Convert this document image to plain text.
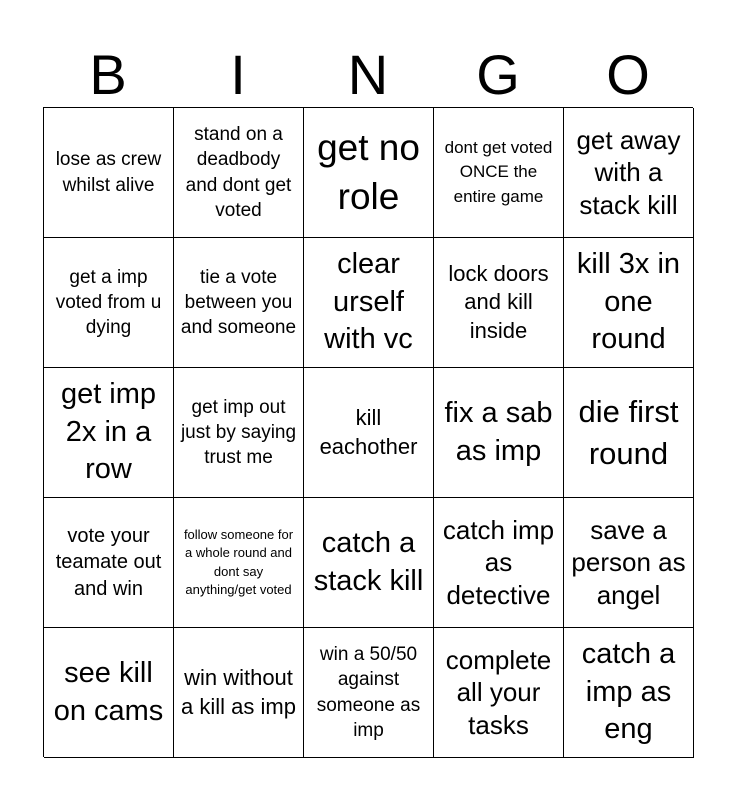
B	I	N	G	O
lose as crew whilst alive
stand on a deadbody and dont get voted
get no role
dont get voted ONCE the entire game
get away with a stack kill
get a imp voted from u dying
tie a vote between you and someone
clear urself with vc
lock doors and kill inside
kill 3x in one round
get imp 2x in a row
get imp out just by saying trust me
kill eachother
fix a sab as imp
die first round
vote your teamate out and win
follow someone for a whole round and dont say anything/get voted
catch a stack kill
catch imp as detective
save a person as angel
see kill on cams
win without a kill as imp
win a 50/50 against someone as imp
complete all your tasks
catch a imp as eng
